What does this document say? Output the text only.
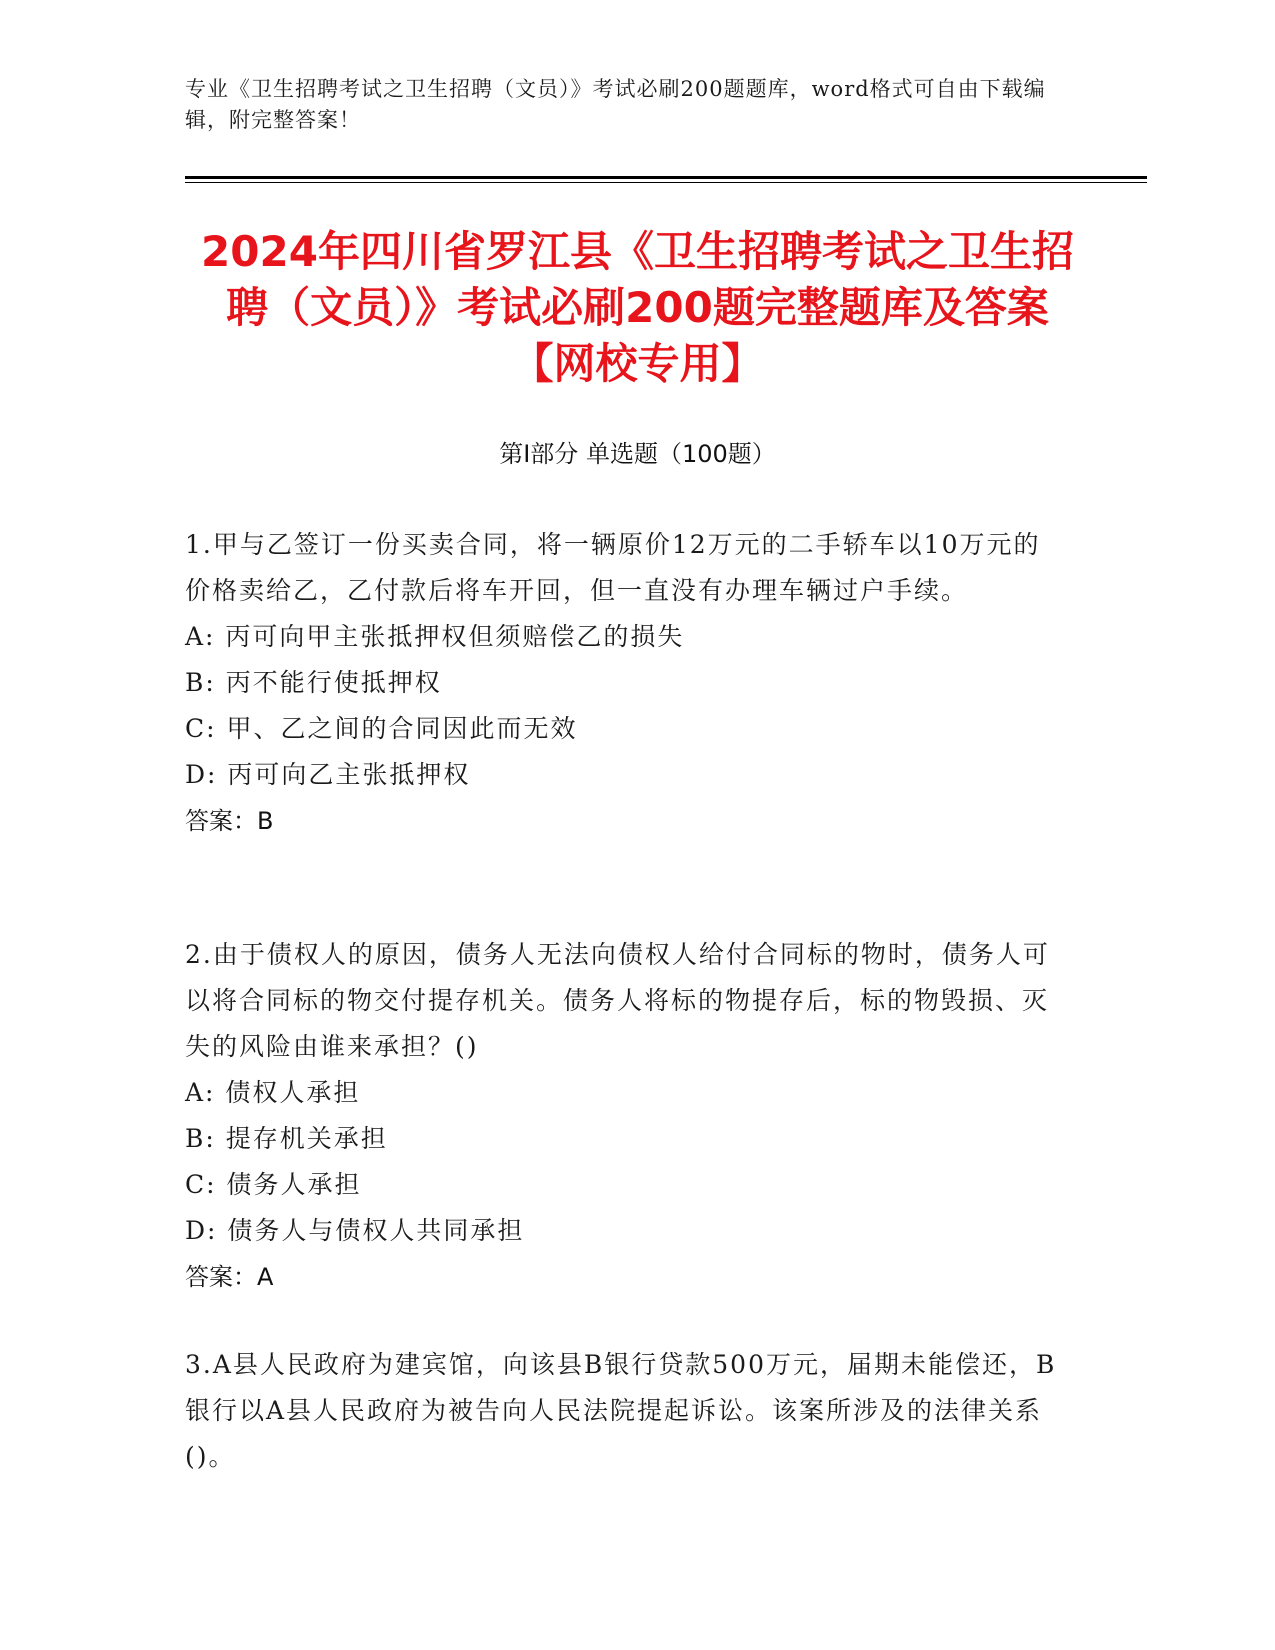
专业《卫生招聘考试之卫生招聘（文员）》考试必刷200题题库，word格式可自由下载编辑，附完整答案！
2024年四川省罗江县《卫生招聘考试之卫生招聘（文员）》考试必刷200题完整题库及答案【网校专用】
第Ⅰ部分 单选题（100题）

1.甲与乙签订一份买卖合同，将一辆原价12万元的二手轿车以10万元的价格卖给乙，乙付款后将车开回，但一直没有办理车辆过户手续。

A: 丙可向甲主张抵押权但须赔偿乙的损失

B: 丙不能行使抵押权

C: 甲、乙之间的合同因此而无效

D: 丙可向乙主张抵押权

答案：B

2.由于债权人的原因，债务人无法向债权人给付合同标的物时，债务人可以将合同标的物交付提存机关。债务人将标的物提存后，标的物毁损、灭失的风险由谁来承担？()

A: 债权人承担

B: 提存机关承担

C: 债务人承担

D: 债务人与债权人共同承担

答案：A

3.A县人民政府为建宾馆，向该县B银行贷款500万元，届期未能偿还，B银行以A县人民政府为被告向人民法院提起诉讼。该案所涉及的法律关系()。
